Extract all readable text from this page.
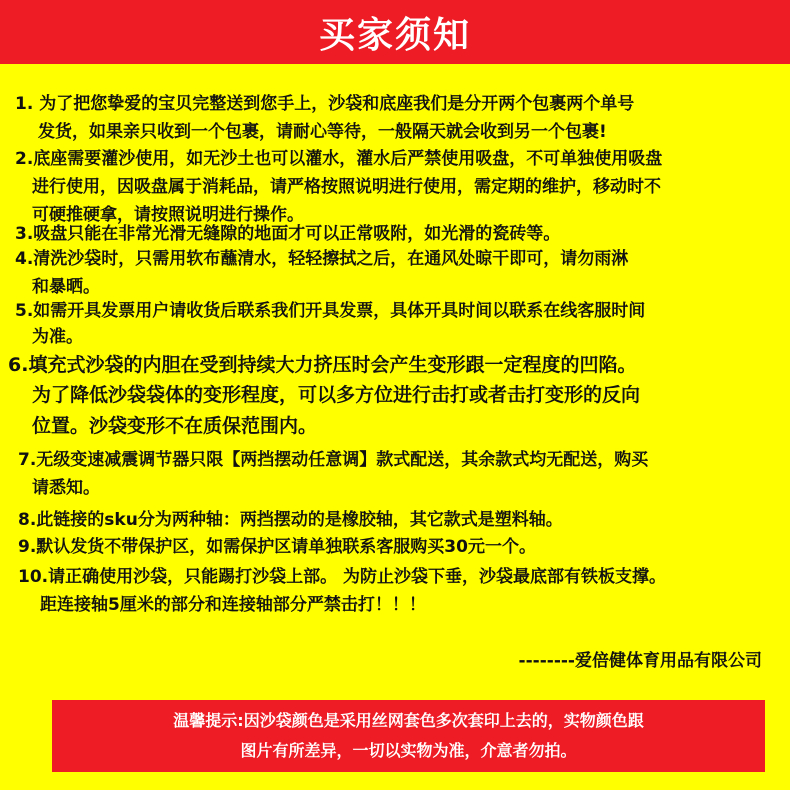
买家须知
1. 为了把您挚爱的宝贝完整送到您手上，沙袋和底座我们是分开两个包裹两个单号
发货，如果亲只收到一个包裹，请耐心等待，一般隔天就会收到另一个包裹!
2.底座需要灌沙使用，如无沙土也可以灌水，灌水后严禁使用吸盘，不可单独使用吸盘
进行使用，因吸盘属于消耗品，请严格按照说明进行使用，需定期的维护，移动时不
可硬推硬拿，请按照说明进行操作。
3.吸盘只能在非常光滑无缝隙的地面才可以正常吸附，如光滑的瓷砖等。
4.清洗沙袋时，只需用软布蘸清水，轻轻擦拭之后，在通风处晾干即可，请勿雨淋
和暴晒。
5.如需开具发票用户请收货后联系我们开具发票，具体开具时间以联系在线客服时间
为准。
6.填充式沙袋的内胆在受到持续大力挤压时会产生变形跟一定程度的凹陷。
为了降低沙袋袋体的变形程度，可以多方位进行击打或者击打变形的反向
位置。沙袋变形不在质保范围内。
7.无级变速减震调节器只限【两挡摆动任意调】款式配送，其余款式均无配送，购买
请悉知。
8.此链接的sku分为两种轴：两挡摆动的是橡胶轴，其它款式是塑料轴。
9.默认发货不带保护区，如需保护区请单独联系客服购买30元一个。
10.请正确使用沙袋，只能踢打沙袋上部。 为防止沙袋下垂，沙袋最底部有铁板支撑。
距连接轴5厘米的部分和连接轴部分严禁击打！！！
--------爱倍健体育用品有限公司
温馨提示:因沙袋颜色是采用丝网套色多次套印上去的，实物颜色跟
图片有所差异，一切以实物为准，介意者勿拍。
